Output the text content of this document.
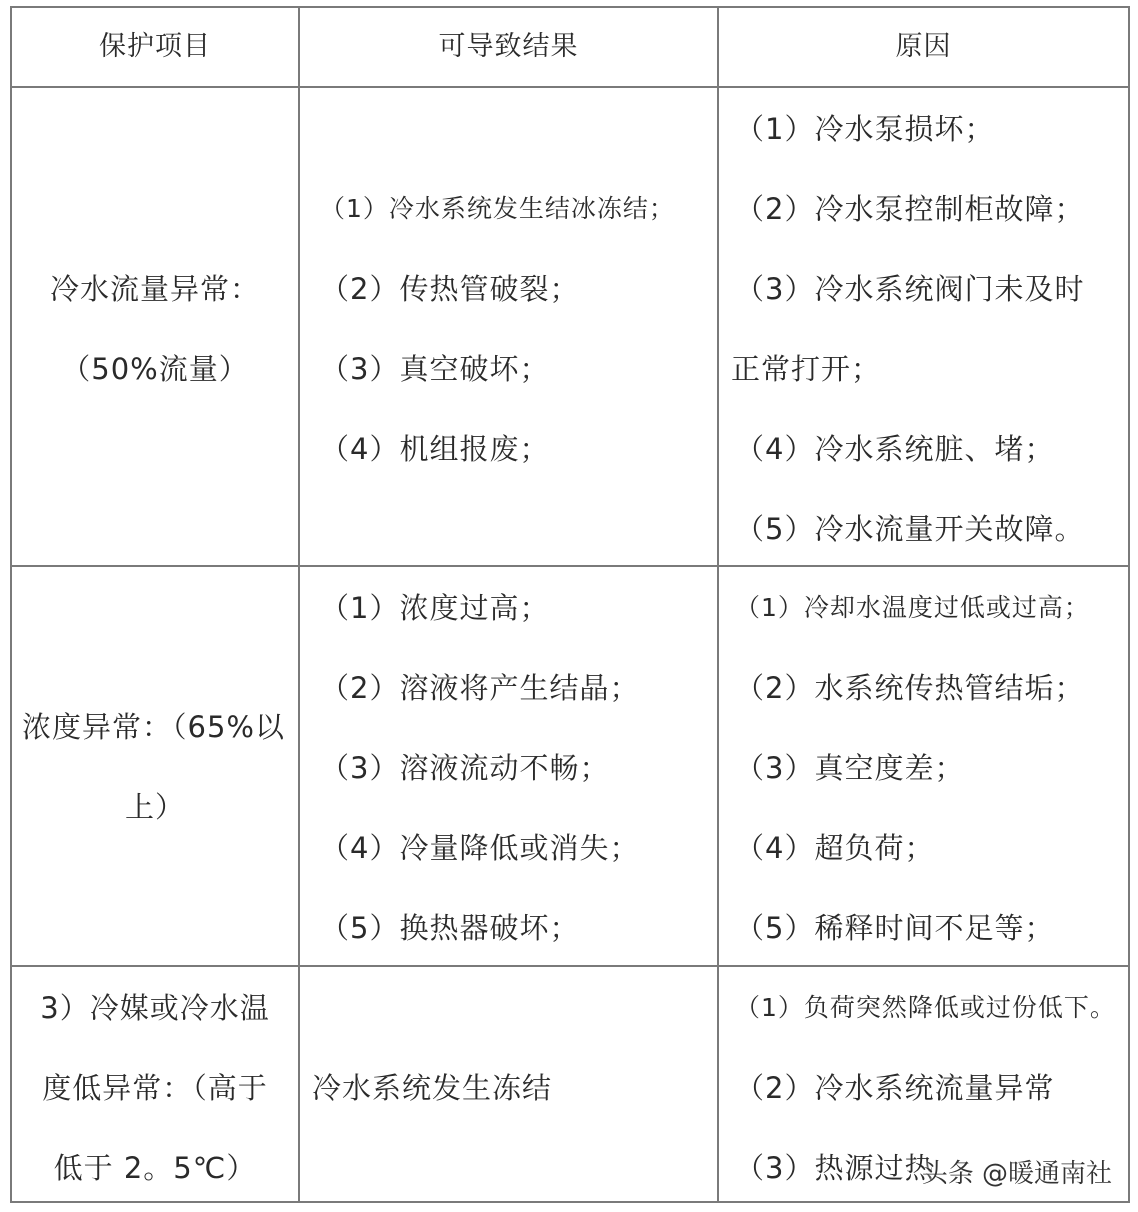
保护项目	可导致结果	原因
冷水流量异常：
（50%流量）
（1）冷水系统发生结冰冻结；
（2）传热管破裂；
（3）真空破坏；
（4）机组报废；
（1）冷水泵损坏；
（2）冷水泵控制柜故障；
（3）冷水系统阀门未及时
正常打开；
（4）冷水系统脏、堵；
（5）冷水流量开关故障。
浓度异常：（65%以
上）
（1）浓度过高；
（2）溶液将产生结晶；
（3）溶液流动不畅；
（4）冷量降低或消失；
（5）换热器破坏；
（1）冷却水温度过低或过高；
（2）水系统传热管结垢；
（3）真空度差；
（4）超负荷；
（5）稀释时间不足等；
3）冷媒或冷水温
度低异常：（高于
低于 2。5℃）
冷水系统发生冻结
（1）负荷突然降低或过份低下。
（2）冷水系统流量异常
（3）热源过热
头条 @暖通南社
